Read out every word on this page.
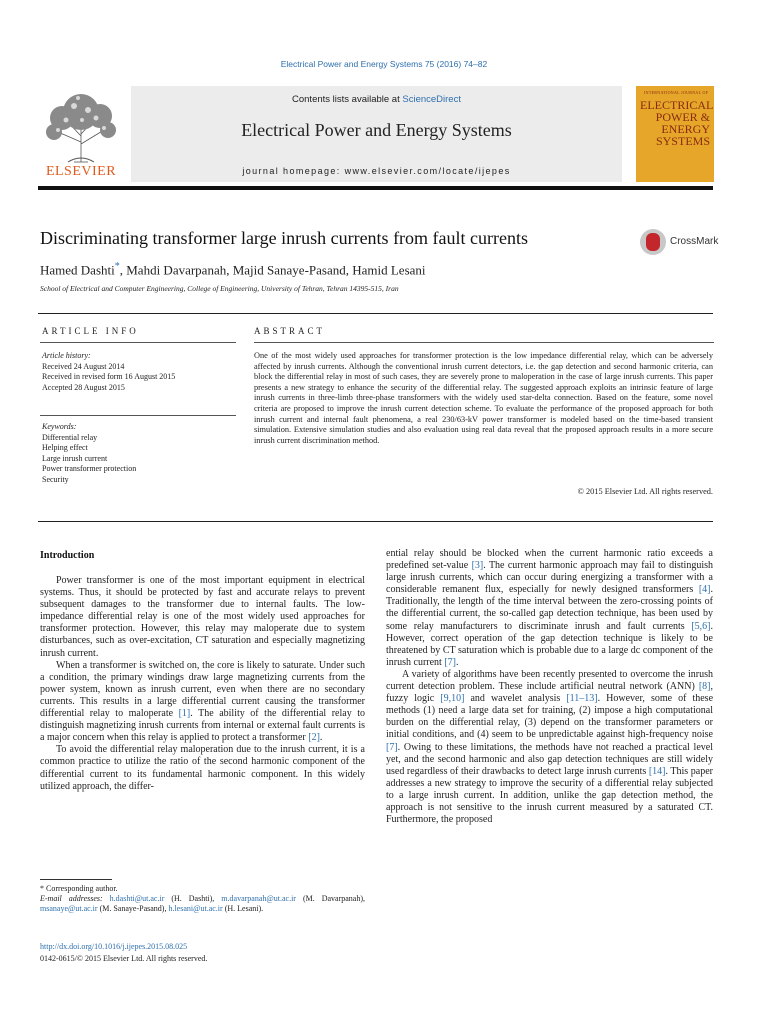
Electrical Power and Energy Systems 75 (2016) 74–82
ELSEVIER
Contents lists available at ScienceDirect
Electrical Power and Energy Systems
journal homepage: www.elsevier.com/locate/ijepes
INTERNATIONAL JOURNAL OF
ELECTRICAL POWER & ENERGY SYSTEMS
Discriminating transformer large inrush currents from fault currents	CrossMark
Hamed Dashti*, Mahdi Davarpanah, Majid Sanaye-Pasand, Hamid Lesani
School of Electrical and Computer Engineering, College of Engineering, University of Tehran, Tehran 14395-515, Iran
ARTICLE INFO
Article history:
Received 24 August 2014
Received in revised form 16 August 2015
Accepted 28 August 2015
Keywords:
Differential relay
Helping effect
Large inrush current
Power transformer protection
Security
ABSTRACT
One of the most widely used approaches for transformer protection is the low impedance differential relay, which can be adversely affected by inrush currents. Although the conventional inrush current detectors, i.e. the gap detection and second harmonic criteria, can block the differential relay in most of such cases, they are severely prone to maloperation in the case of large inrush currents. This paper presents a new strategy to enhance the security of the differential relay. The suggested approach exploits an intrinsic feature of large inrush currents in three-limb three-phase transformers with the widely used star-delta connection. Based on the feature, some novel criteria are proposed to improve the inrush current detection scheme. To evaluate the performance of the proposed approach for both inrush current and internal fault phenomena, a real 230/63-kV power transformer is modeled based on the time-based transient simulation. Extensive simulation studies and also evaluation using real data reveal that the proposed approach results in a more secure inrush current discrimination method.
© 2015 Elsevier Ltd. All rights reserved.
Introduction

Power transformer is one of the most important equipment in electrical systems. Thus, it should be protected by fast and accurate relays to prevent subsequent damages to the transformer due to internal faults. The low-impedance differential relay is one of the most widely used approaches for transformer protection. However, this relay may maloperate due to system disturbances, such as over-excitation, CT saturation and especially magnetizing inrush current.

When a transformer is switched on, the core is likely to saturate. Under such a condition, the primary windings draw large magnetizing currents from the power system, known as inrush current, even when there are no secondary currents. This results in a large differential current causing the transformer differential relay to maloperate [1]. The ability of the differential relay to distinguish magnetizing inrush currents from internal or external fault currents is a major concern when this relay is applied to protect a transformer [2].

To avoid the differential relay maloperation due to the inrush current, it is a common practice to utilize the ratio of the second harmonic component of the differential current to its fundamental harmonic component. In this widely utilized approach, the differ-

ential relay should be blocked when the current harmonic ratio exceeds a predefined set-value [3]. The current harmonic approach may fail to distinguish large inrush currents, which can occur during energizing a transformer with a considerable remanent flux, especially for newly designed transformers [4]. Traditionally, the length of the time interval between the zero-crossing points of the differential current, the so-called gap detection technique, has been used by some relay manufacturers to discriminate inrush and fault currents [5,6]. However, correct operation of the gap detection technique is likely to be threatened by CT saturation which is probable due to a large dc component of the inrush current [7].

A variety of algorithms have been recently presented to overcome the inrush current detection problem. These include artificial neutral network (ANN) [8], fuzzy logic [9,10] and wavelet analysis [11–13]. However, some of these methods (1) need a large data set for training, (2) impose a high computational burden on the differential relay, (3) depend on the transformer parameters or initial conditions, and (4) seem to be unpredictable against high-frequency noise [7]. Owing to these limitations, the methods have not reached a practical level yet, and the second harmonic and also gap detection techniques are still widely used regardless of their drawbacks to detect large inrush currents [14]. This paper addresses a new strategy to improve the security of a differential relay subjected to a large inrush current. In addition, unlike the gap detection method, the approach is not sensitive to the inrush current measured by a saturated CT. Furthermore, the proposed

* Corresponding author.
E-mail addresses: h.dashti@ut.ac.ir (H. Dashti), m.davarpanah@ut.ac.ir (M. Davarpanah), msanaye@ut.ac.ir (M. Sanaye-Pasand), h.lesani@ut.ac.ir (H. Lesani).
http://dx.doi.org/10.1016/j.ijepes.2015.08.025
0142-0615/© 2015 Elsevier Ltd. All rights reserved.
